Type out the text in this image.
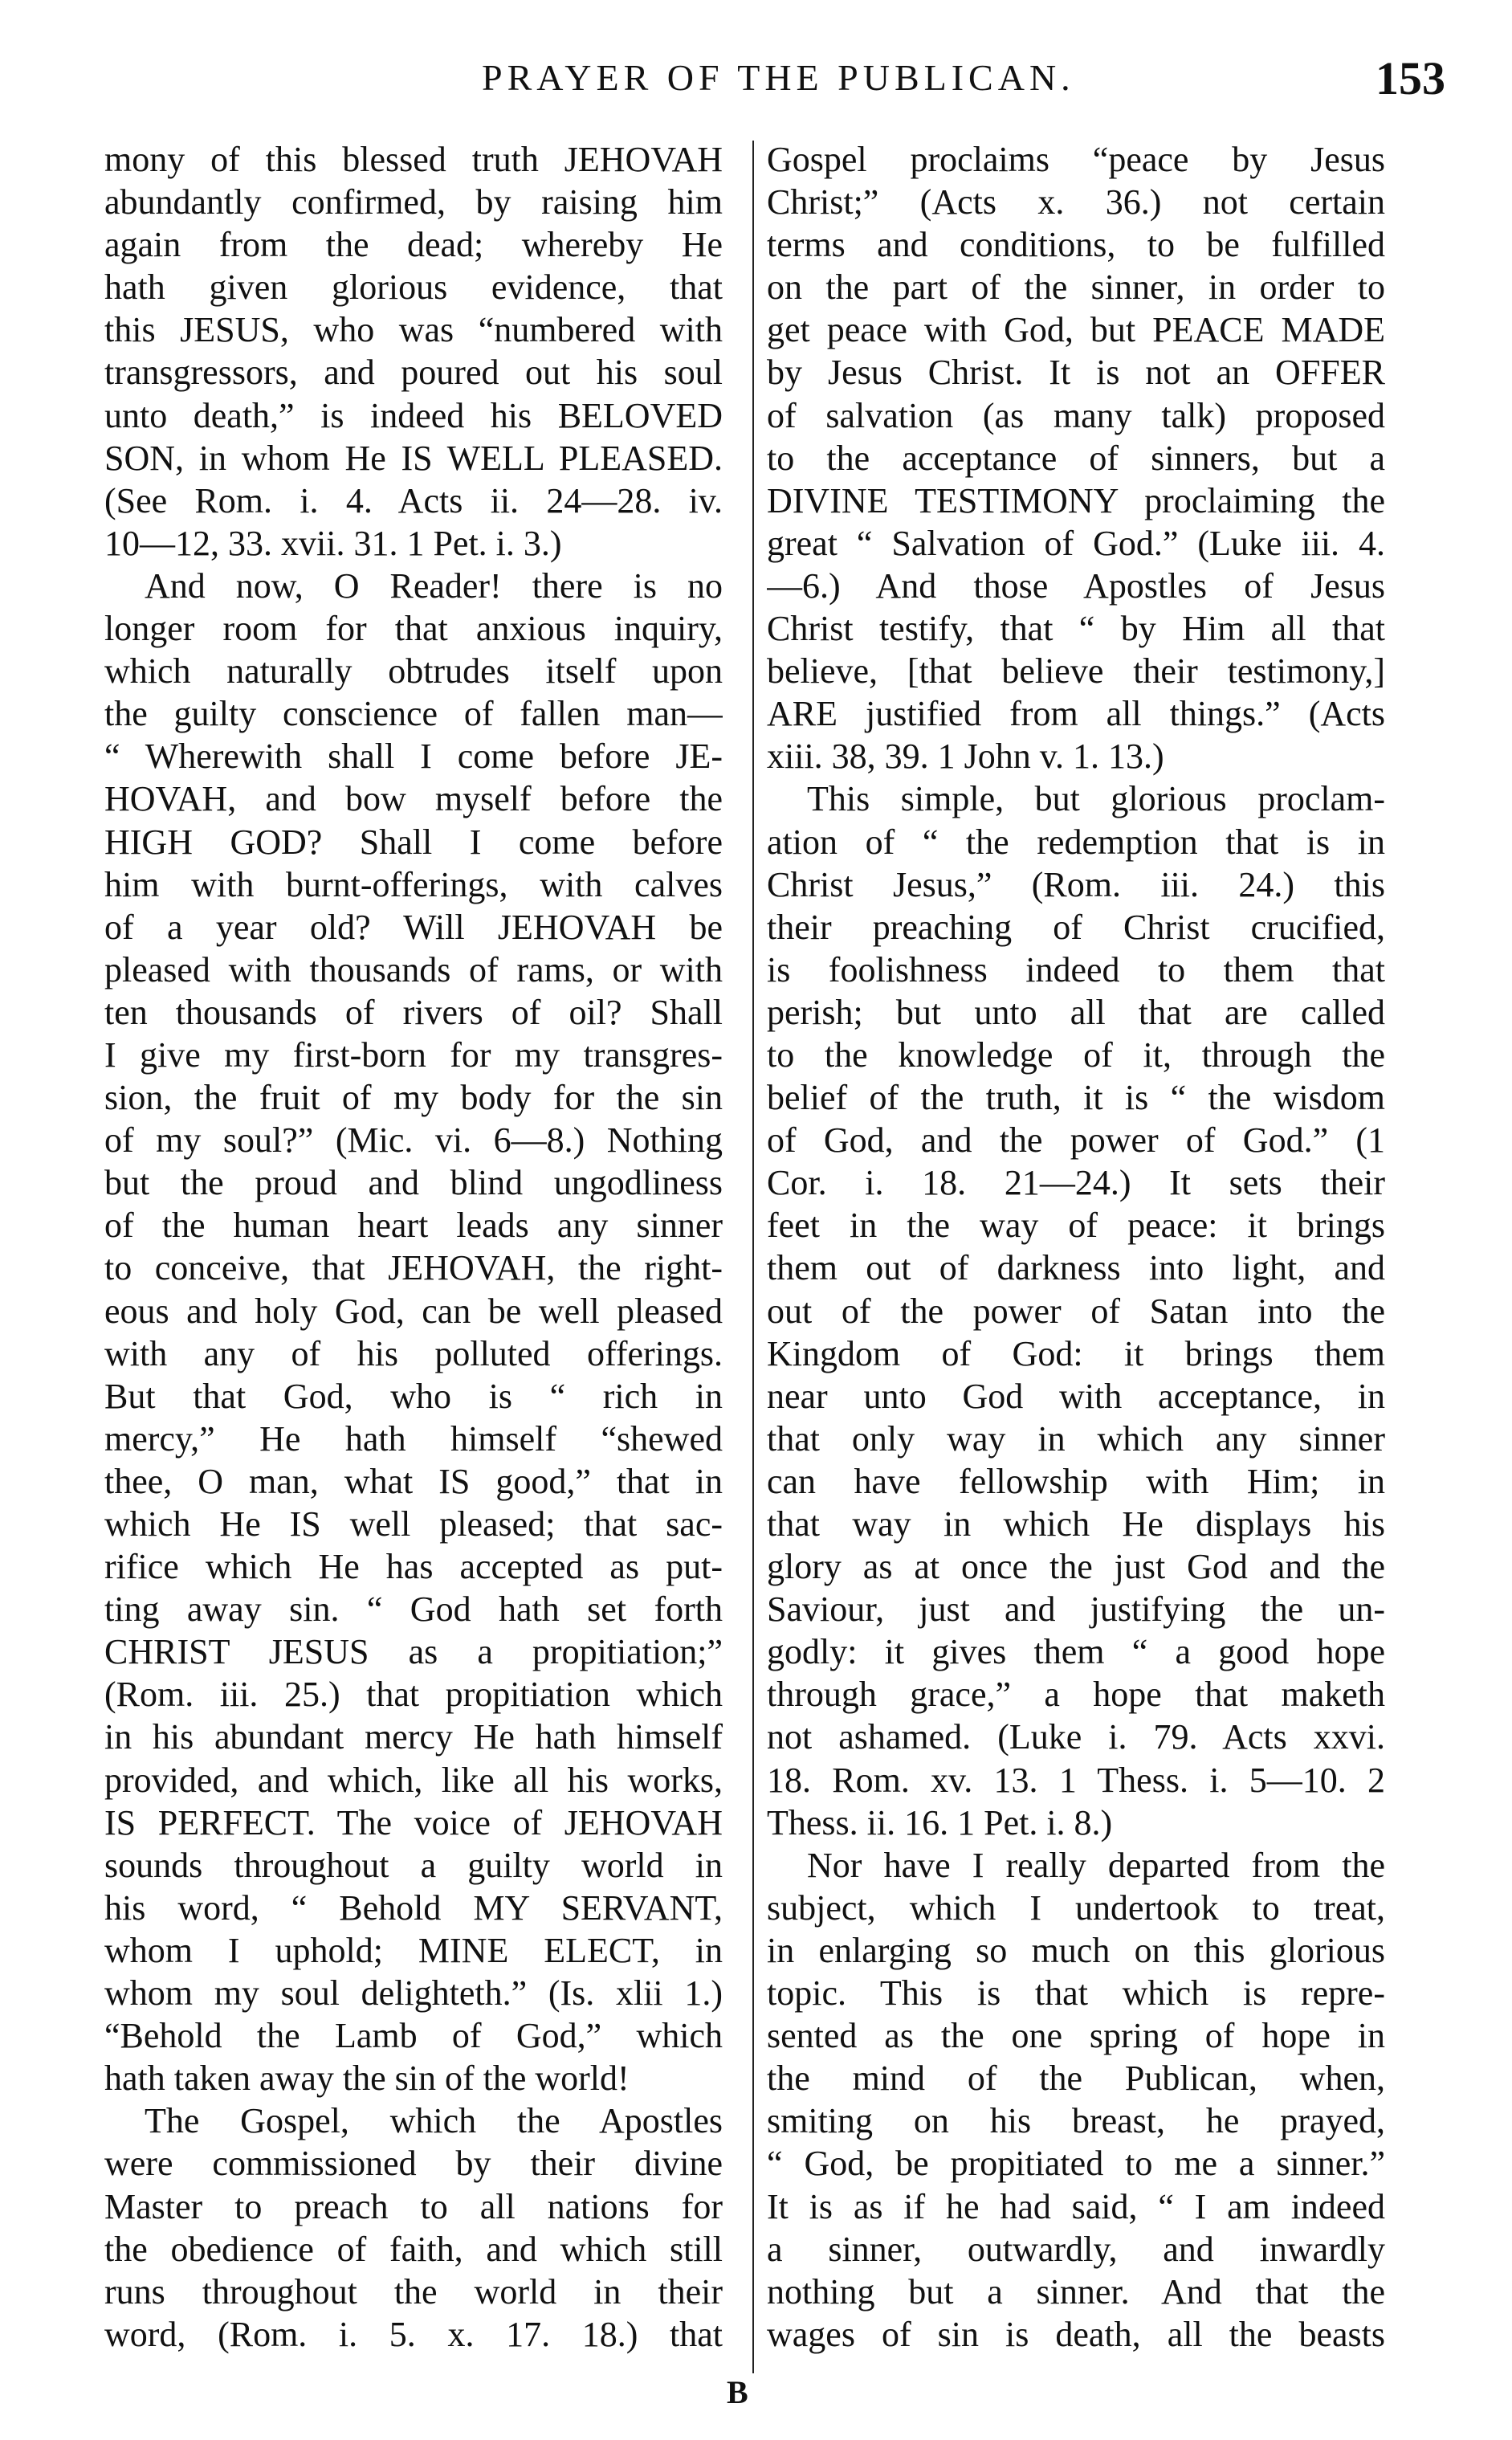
PRAYER OF THE PUBLICAN.	153
mony of this blessed truth JEHOVAH
abundantly confirmed, by raising him
again from the dead; whereby He
hath given glorious evidence, that
this JESUS, who was “numbered with
transgressors, and poured out his soul
unto death,” is indeed his BELOVED
SON, in whom He IS WELL PLEASED.
(See Rom. i. 4. Acts ii. 24—28. iv.
10—12, 33. xvii. 31. 1 Pet. i. 3.)
And now, O Reader! there is no
longer room for that anxious inquiry,
which naturally obtrudes itself upon
the guilty conscience of fallen man—
“ Wherewith shall I come before JE-
HOVAH, and bow myself before the
HIGH GOD? Shall I come before
him with burnt-offerings, with calves
of a year old? Will JEHOVAH be
pleased with thousands of rams, or with
ten thousands of rivers of oil? Shall
I give my first-born for my transgres-
sion, the fruit of my body for the sin
of my soul?” (Mic. vi. 6—8.) Nothing
but the proud and blind ungodliness
of the human heart leads any sinner
to conceive, that JEHOVAH, the right-
eous and holy God, can be well pleased
with any of his polluted offerings.
But that God, who is “ rich in
mercy,” He hath himself “shewed
thee, O man, what IS good,” that in
which He IS well pleased; that sac-
rifice which He has accepted as put-
ting away sin. “ God hath set forth
CHRIST JESUS as a propitiation;”
(Rom. iii. 25.) that propitiation which
in his abundant mercy He hath himself
provided, and which, like all his works,
IS PERFECT. The voice of JEHOVAH
sounds throughout a guilty world in
his word, “ Behold MY SERVANT,
whom I uphold; MINE ELECT, in
whom my soul delighteth.” (Is. xlii 1.)
“Behold the Lamb of God,” which
hath taken away the sin of the world!
The Gospel, which the Apostles
were commissioned by their divine
Master to preach to all nations for
the obedience of faith, and which still
runs throughout the world in their
word, (Rom. i. 5. x. 17. 18.) that
Gospel proclaims “peace by Jesus
Christ;” (Acts x. 36.) not certain
terms and conditions, to be fulfilled
on the part of the sinner, in order to
get peace with God, but PEACE MADE
by Jesus Christ. It is not an OFFER
of salvation (as many talk) proposed
to the acceptance of sinners, but a
DIVINE TESTIMONY proclaiming the
great “ Salvation of God.” (Luke iii. 4.
—6.) And those Apostles of Jesus
Christ testify, that “ by Him all that
believe, [that believe their testimony,]
ARE justified from all things.” (Acts
xiii. 38, 39. 1 John v. 1. 13.)
This simple, but glorious proclam-
ation of “ the redemption that is in
Christ Jesus,” (Rom. iii. 24.) this
their preaching of Christ crucified,
is foolishness indeed to them that
perish; but unto all that are called
to the knowledge of it, through the
belief of the truth, it is “ the wisdom
of God, and the power of God.” (1
Cor. i. 18. 21—24.) It sets their
feet in the way of peace: it brings
them out of darkness into light, and
out of the power of Satan into the
Kingdom of God: it brings them
near unto God with acceptance, in
that only way in which any sinner
can have fellowship with Him; in
that way in which He displays his
glory as at once the just God and the
Saviour, just and justifying the un-
godly: it gives them “ a good hope
through grace,” a hope that maketh
not ashamed. (Luke i. 79. Acts xxvi.
18. Rom. xv. 13. 1 Thess. i. 5—10. 2
Thess. ii. 16. 1 Pet. i. 8.)
Nor have I really departed from the
subject, which I undertook to treat,
in enlarging so much on this glorious
topic. This is that which is repre-
sented as the one spring of hope in
the mind of the Publican, when,
smiting on his breast, he prayed,
“ God, be propitiated to me a sinner.”
It is as if he had said, “ I am indeed
a sinner, outwardly, and inwardly
nothing but a sinner. And that the
wages of sin is death, all the beasts
B
